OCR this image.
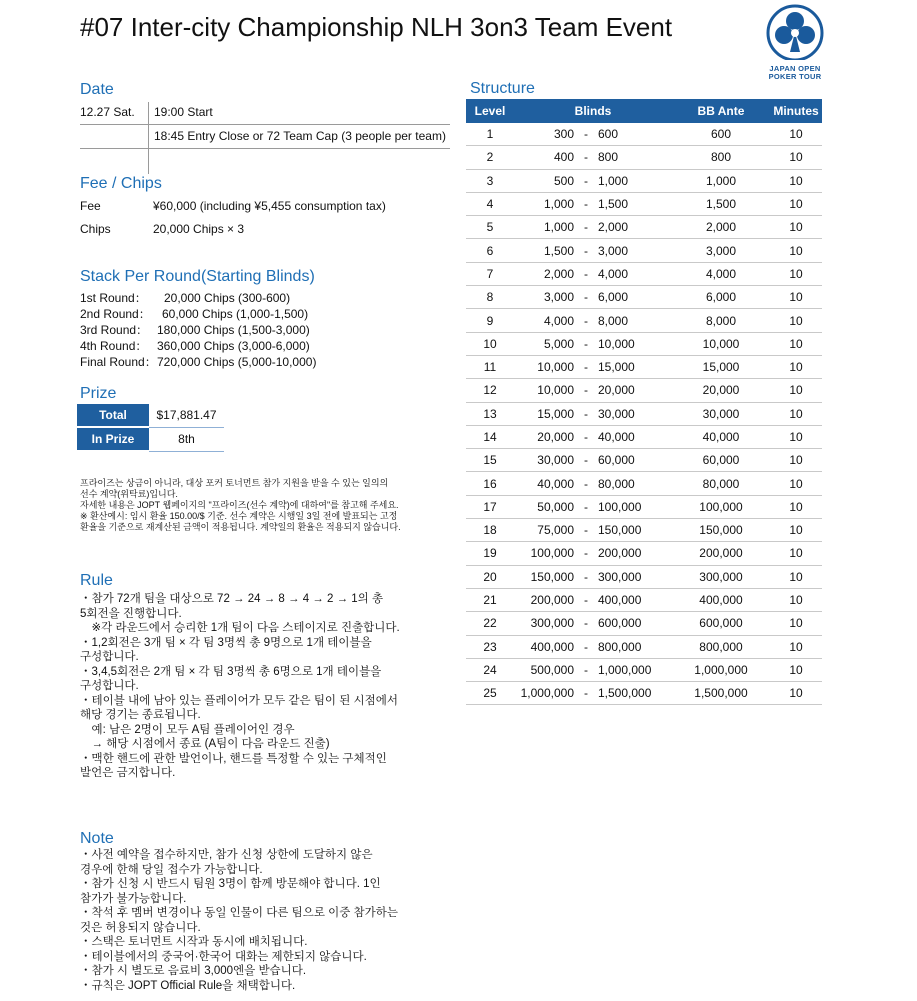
#07 Inter-city Championship NLH 3on3 Team Event
JAPAN OPEN
POKER TOUR
Date
12.27 Sat. 19:00 Start
18:45 Entry Close or 72 Team Cap (3 people per team)
Fee / Chips
Fee	¥60,000 (including ¥5,455 consumption tax)
Chips	20,000 Chips × 3
Stack Per Round(Starting Blinds)
1st Round： 20,000 Chips (300-600)
2nd Round： 60,000 Chips (1,000-1,500)
3rd Round： 180,000 Chips (1,500-3,000)
4th Round： 360,000 Chips (3,000-6,000)
Final Round： 720,000 Chips (5,000-10,000)
Prize
Total	$17,881.47
In Prize	8th
프라이즈는 상금이 아니라, 대상 포커 토너먼트 참가 지원을 받을 수 있는 일의의
선수 계약(위탁료)입니다.
자세한 내용은 JOPT 웹페이지의 "프라이즈(선수 계약)에 대하여"를 참고해 주세요.
※ 환산예시: 임시 환율 150.00/$ 기준. 선수 계약은 시행일 3일 전에 발표되는 고정
환율을 기준으로 재계산된 금액이 적용됩니다. 계약일의 환율은 적용되지 않습니다.
Rule
・참가 72개 팀을 대상으로 72 → 24 → 8 → 4 → 2 → 1의 총
5회전을 진행합니다.
　※각 라운드에서 승리한 1개 팀이 다음 스테이지로 진출합니다.
・1,2회전은 3개 팀 × 각 팀 3명씩 총 9명으로 1개 테이블을
구성합니다.
・3,4,5회전은 2개 팀 × 각 팀 3명씩 총 6명으로 1개 테이블을
구성합니다.
・테이블 내에 남아 있는 플레이어가 모두 같은 팀이 된 시점에서
해당 경기는 종료됩니다.
　예: 남은 2명이 모두 A팀 플레이어인 경우
　→ 해당 시점에서 종료 (A팀이 다음 라운드 진출)
・맥한 핸드에 관한 발언이나, 핸드를 특정할 수 있는 구체적인
발언은 금지합니다.
Note
・사전 예약을 접수하지만, 참가 신청 상한에 도달하지 않은
경우에 한해 당일 접수가 가능합니다.
・참가 신청 시 반드시 팀원 3명이 함께 방문해야 합니다. 1인
참가가 불가능합니다.
・착석 후 멤버 변경이나 동일 인물이 다른 팀으로 이중 참가하는
것은 허용되지 않습니다.
・스택은 토너먼트 시작과 동시에 배치됩니다.
・테이블에서의 중국어·한국어 대화는 제한되지 않습니다.
・참가 시 별도로 음료비 3,000엔을 받습니다.
・규칙은 JOPT Official Rule을 채택합니다.
Structure
Level	Blinds			BB Ante	Minutes
1	300	-	600	600	10
2	400	-	800	800	10
3	500	-	1,000	1,000	10
4	1,000	-	1,500	1,500	10
5	1,000	-	2,000	2,000	10
6	1,500	-	3,000	3,000	10
7	2,000	-	4,000	4,000	10
8	3,000	-	6,000	6,000	10
9	4,000	-	8,000	8,000	10
10	5,000	-	10,000	10,000	10
11	10,000	-	15,000	15,000	10
12	10,000	-	20,000	20,000	10
13	15,000	-	30,000	30,000	10
14	20,000	-	40,000	40,000	10
15	30,000	-	60,000	60,000	10
16	40,000	-	80,000	80,000	10
17	50,000	-	100,000	100,000	10
18	75,000	-	150,000	150,000	10
19	100,000	-	200,000	200,000	10
20	150,000	-	300,000	300,000	10
21	200,000	-	400,000	400,000	10
22	300,000	-	600,000	600,000	10
23	400,000	-	800,000	800,000	10
24	500,000	-	1,000,000	1,000,000	10
25	1,000,000	-	1,500,000	1,500,000	10
